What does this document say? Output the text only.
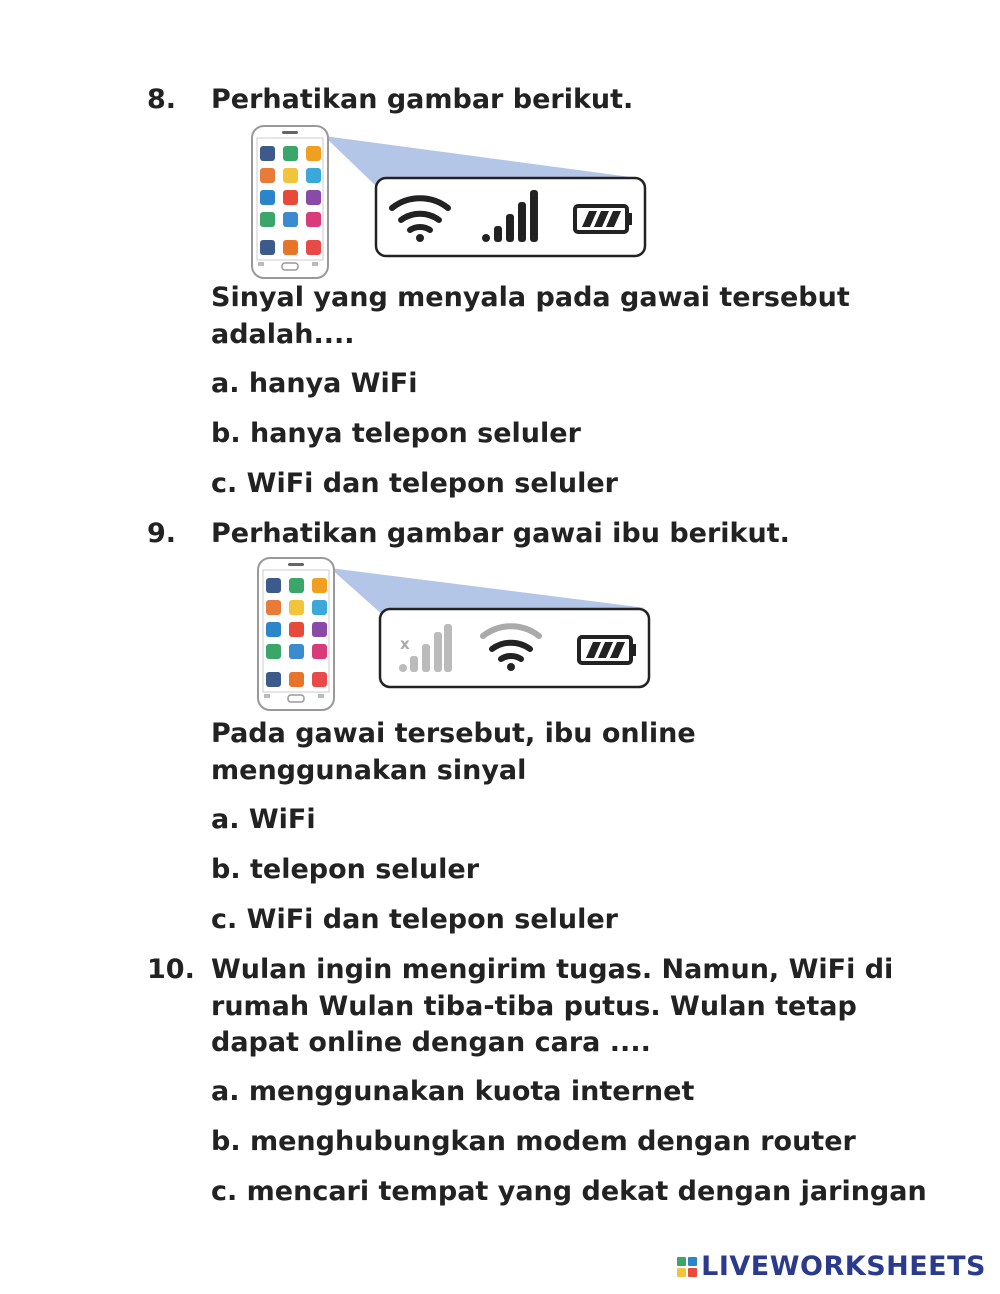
8. Perhatikan gambar berikut.
Sinyal yang menyala pada gawai tersebut adalah....
a. hanya WiFi
b. hanya telepon seluler
c. WiFi dan telepon seluler
9. Perhatikan gambar gawai ibu berikut.
x
Pada gawai tersebut, ibu online menggunakan sinyal
a. WiFi
b. telepon seluler
c. WiFi dan telepon seluler
10. Wulan ingin mengirim tugas. Namun, WiFi di rumah Wulan tiba-tiba putus. Wulan tetap dapat online dengan cara ....
a. menggunakan kuota internet
b. menghubungkan modem dengan router
c. mencari tempat yang dekat dengan jaringan
LIVEWORKSHEETS
